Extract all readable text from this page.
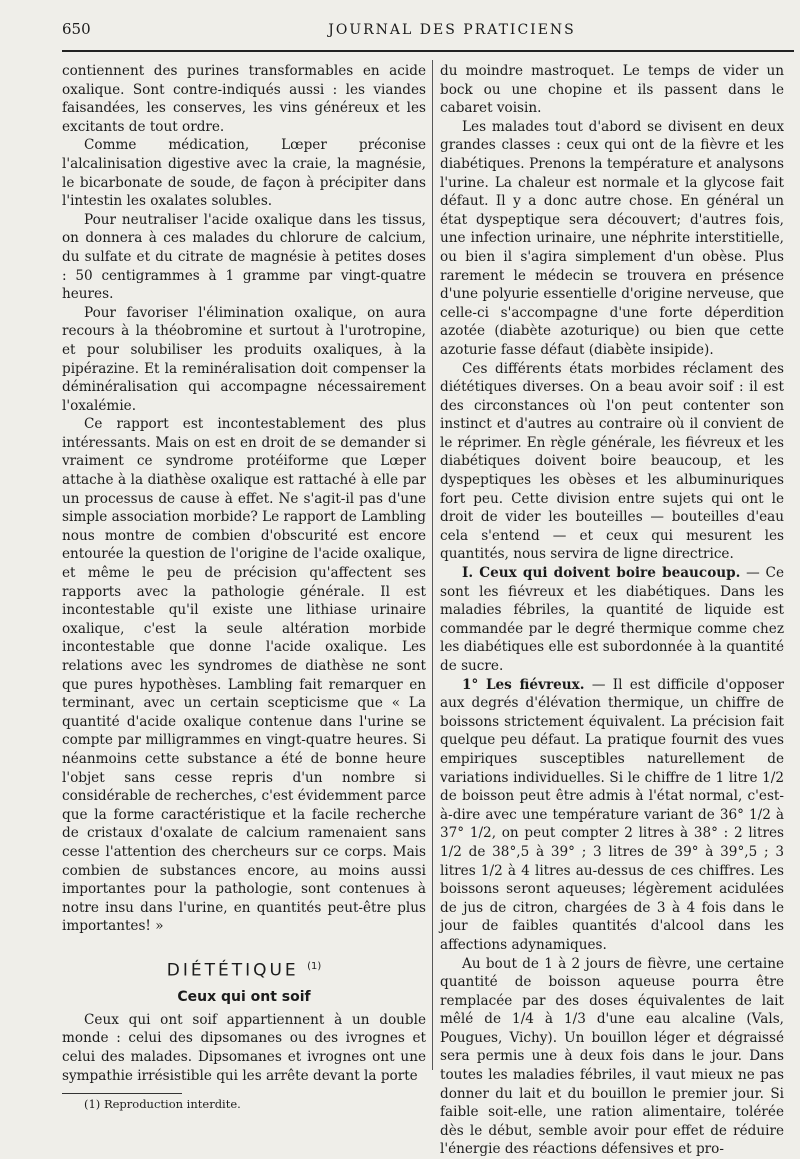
650	JOURNAL DES PRATICIENS

contiennent des purines transformables en acide oxalique. Sont contre-indiqués aussi : les viandes faisandées, les conserves, les vins généreux et les excitants de tout ordre.

Comme médication, Lœper préconise l'alcalinisation digestive avec la craie, la magnésie, le bicarbonate de soude, de façon à précipiter dans l'intestin les oxalates solubles.

Pour neutraliser l'acide oxalique dans les tissus, on donnera à ces malades du chlorure de calcium, du sulfate et du citrate de magnésie à petites doses : 50 centigrammes à 1 gramme par vingt-quatre heures.

Pour favoriser l'élimination oxalique, on aura recours à la théobromine et surtout à l'urotropine, et pour solubiliser les produits oxaliques, à la pipérazine. Et la reminéralisation doit compenser la déminéralisation qui accompagne nécessairement l'oxalémie.

Ce rapport est incontestablement des plus intéressants. Mais on est en droit de se demander si vraiment ce syndrome protéiforme que Lœper attache à la diathèse oxalique est rattaché à elle par un processus de cause à effet. Ne s'agit-il pas d'une simple association morbide? Le rapport de Lambling nous montre de combien d'obscurité est encore entourée la question de l'origine de l'acide oxalique, et même le peu de précision qu'affectent ses rapports avec la pathologie générale. Il est incontestable qu'il existe une lithiase urinaire oxalique, c'est la seule altération morbide incontestable que donne l'acide oxalique. Les relations avec les syndromes de diathèse ne sont que pures hypothèses. Lambling fait remarquer en terminant, avec un certain scepticisme que « La quantité d'acide oxalique contenue dans l'urine se compte par milligrammes en vingt-quatre heures. Si néanmoins cette substance a été de bonne heure l'objet sans cesse repris d'un nombre si considérable de recherches, c'est évidemment parce que la forme caractéristique et la facile recherche de cristaux d'oxalate de calcium ramenaient sans cesse l'attention des chercheurs sur ce corps. Mais combien de substances encore, au moins aussi importantes pour la pathologie, sont contenues à notre insu dans l'urine, en quantités peut-être plus importantes! »

DIÉTÉTIQUE $^{(1)}$
Ceux qui ont soif

Ceux qui ont soif appartiennent à un double monde : celui des dipsomanes ou des ivrognes et celui des malades. Dipsomanes et ivrognes ont une sympathie irrésistible qui les arrête devant la porte

(1) Reproduction interdite.

du moindre mastroquet. Le temps de vider un bock ou une chopine et ils passent dans le cabaret voisin.

Les malades tout d'abord se divisent en deux grandes classes : ceux qui ont de la fièvre et les diabétiques. Prenons la température et analysons l'urine. La chaleur est normale et la glycose fait défaut. Il y a donc autre chose. En général un état dyspeptique sera découvert; d'autres fois, une infection urinaire, une néphrite interstitielle, ou bien il s'agira simplement d'un obèse. Plus rarement le médecin se trouvera en présence d'une polyurie essentielle d'origine nerveuse, que celle-ci s'accompagne d'une forte déperdition azotée (diabète azoturique) ou bien que cette azoturie fasse défaut (diabète insipide).

Ces différents états morbides réclament des diététiques diverses. On a beau avoir soif : il est des circonstances où l'on peut contenter son instinct et d'autres au contraire où il convient de le réprimer. En règle générale, les fiévreux et les diabétiques doivent boire beaucoup, et les dyspeptiques les obèses et les albuminuriques fort peu. Cette division entre sujets qui ont le droit de vider les bouteilles — bouteilles d'eau cela s'entend — et ceux qui mesurent les quantités, nous servira de ligne directrice.

I. Ceux qui doivent boire beaucoup. — Ce sont les fiévreux et les diabétiques. Dans les maladies fébriles, la quantité de liquide est commandée par le degré thermique comme chez les diabétiques elle est subordonnée à la quantité de sucre.

1° Les fiévreux. — Il est difficile d'opposer aux degrés d'élévation thermique, un chiffre de boissons strictement équivalent. La précision fait quelque peu défaut. La pratique fournit des vues empiriques susceptibles naturellement de variations individuelles. Si le chiffre de 1 litre 1/2 de boisson peut être admis à l'état normal, c'est-à-dire avec une température variant de 36° 1/2 à 37° 1/2, on peut compter 2 litres à 38° : 2 litres 1/2 de 38°,5 à 39° ; 3 litres de 39° à 39°,5 ; 3 litres 1/2 à 4 litres au-dessus de ces chiffres. Les boissons seront aqueuses; légèrement acidulées de jus de citron, chargées de 3 à 4 fois dans le jour de faibles quantités d'alcool dans les affections adynamiques.

Au bout de 1 à 2 jours de fièvre, une certaine quantité de boisson aqueuse pourra être remplacée par des doses équivalentes de lait mêlé de 1/4 à 1/3 d'une eau alcaline (Vals, Pougues, Vichy). Un bouillon léger et dégraissé sera permis une à deux fois dans le jour. Dans toutes les maladies fébriles, il vaut mieux ne pas donner du lait et du bouillon le premier jour. Si faible soit-elle, une ration alimentaire, tolérée dès le début, semble avoir pour effet de réduire l'énergie des réactions défensives et pro-
